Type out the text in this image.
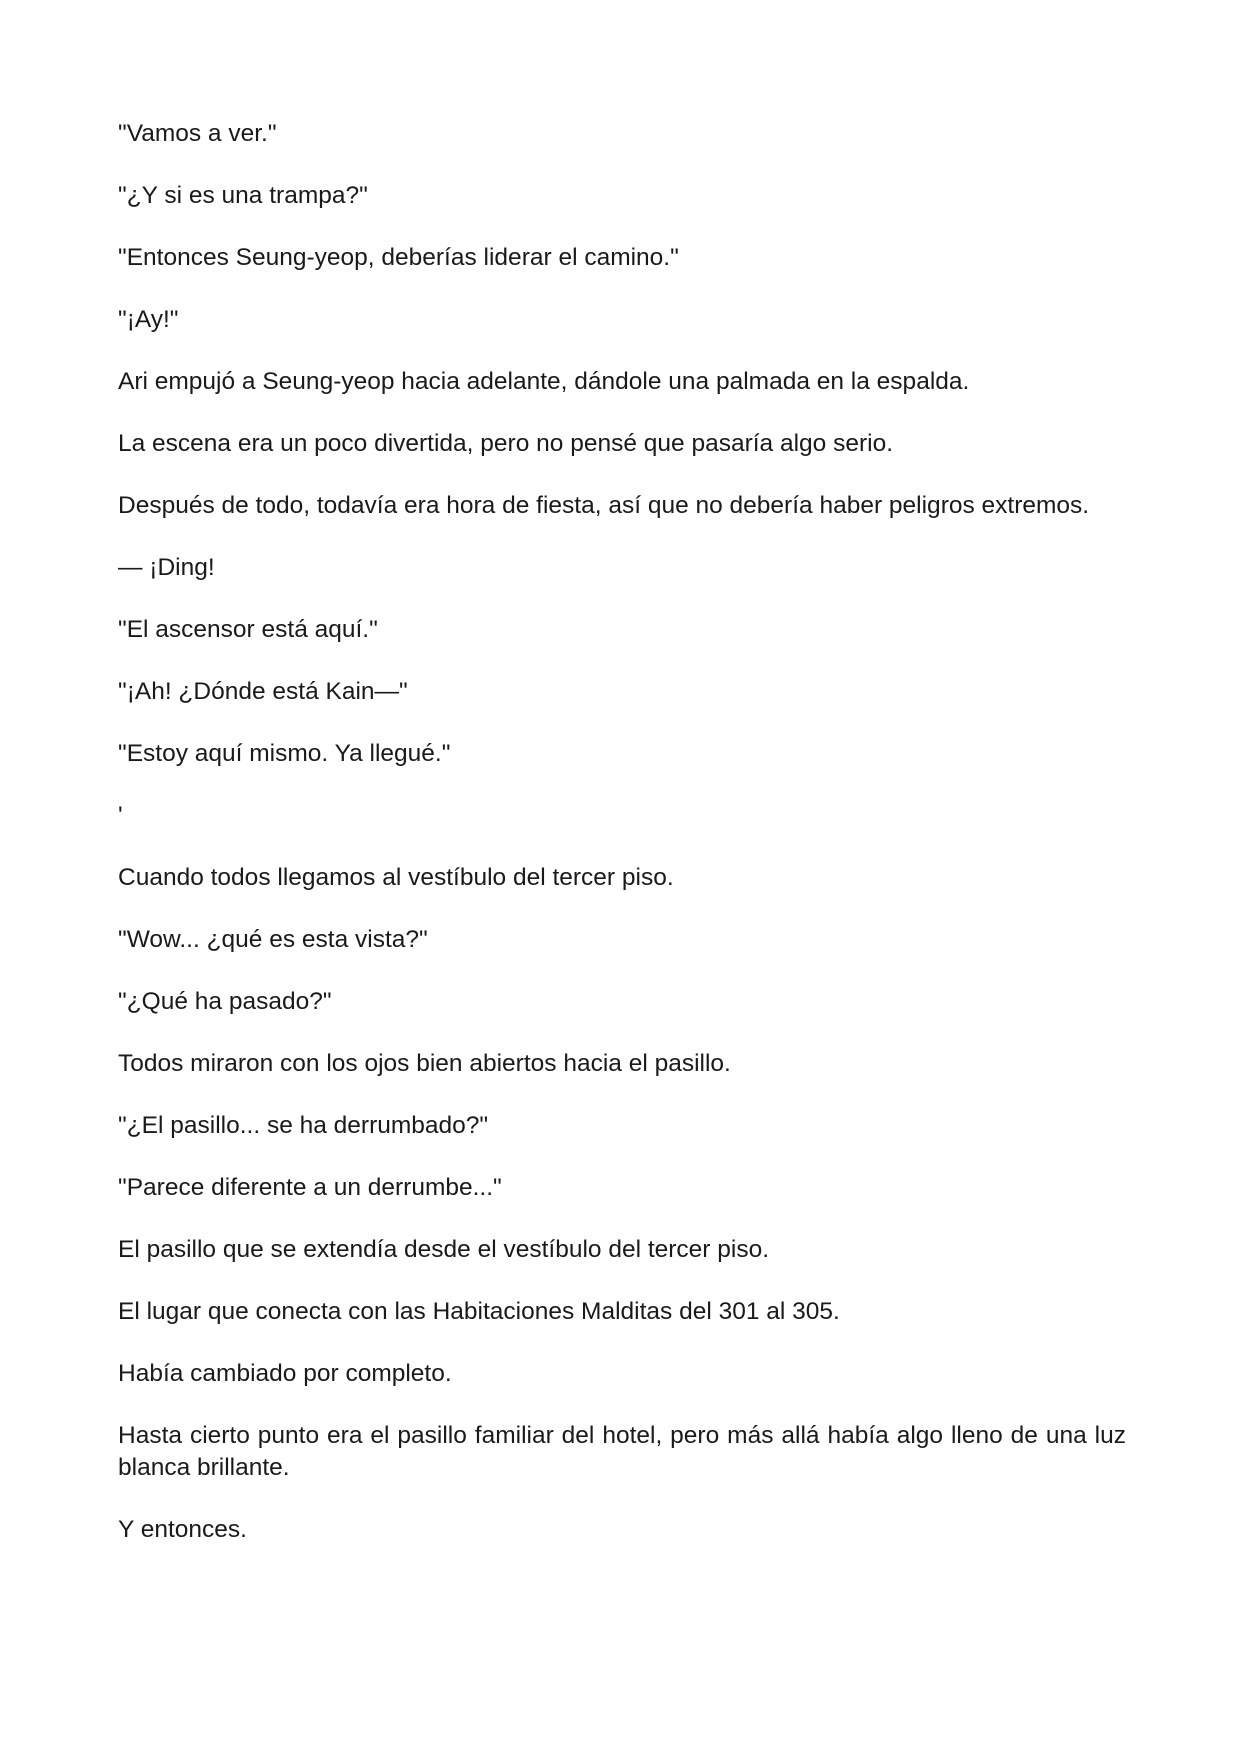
"Vamos a ver."

"¿Y si es una trampa?"

"Entonces Seung-yeop, deberías liderar el camino."

"¡Ay!"

Ari empujó a Seung-yeop hacia adelante, dándole una palmada en la espalda.

La escena era un poco divertida, pero no pensé que pasaría algo serio.

Después de todo, todavía era hora de fiesta, así que no debería haber peligros extremos.

— ¡Ding!

"El ascensor está aquí."

"¡Ah! ¿Dónde está Kain—"

"Estoy aquí mismo. Ya llegué."

'

Cuando todos llegamos al vestíbulo del tercer piso.

"Wow... ¿qué es esta vista?"

"¿Qué ha pasado?"

Todos miraron con los ojos bien abiertos hacia el pasillo.

"¿El pasillo... se ha derrumbado?"

"Parece diferente a un derrumbe..."

El pasillo que se extendía desde el vestíbulo del tercer piso.

El lugar que conecta con las Habitaciones Malditas del 301 al 305.

Había cambiado por completo.

Hasta cierto punto era el pasillo familiar del hotel, pero más allá había algo lleno de una luz blanca brillante.

Y entonces.
